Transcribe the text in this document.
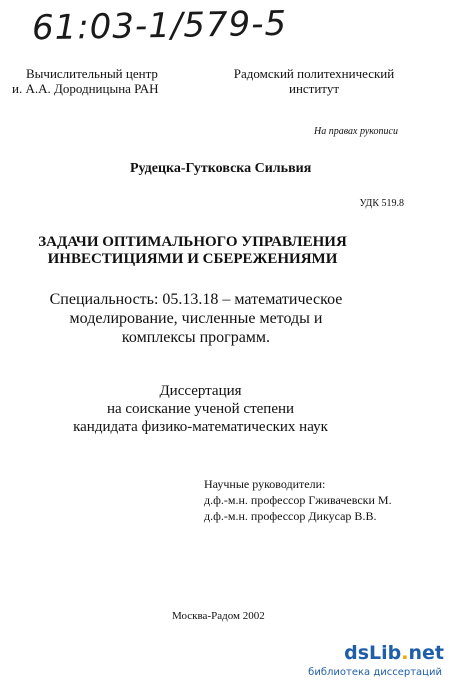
61:03-1/579-5
Вычислительный центр
и. А.А. Дородницына РАН
Радомский политехнический
институт
На правах рукописи
Рудецка-Гутковска Сильвия
УДК 519.8
ЗАДАЧИ ОПТИМАЛЬНОГО УПРАВЛЕНИЯ
ИНВЕСТИЦИЯМИ И СБЕРЕЖЕНИЯМИ
Специальность: 05.13.18 – математическое
моделирование, численные методы и
комплексы программ.
Диссертация
на соискание ученой степени
кандидата физико-математических наук
Научные руководители:
д.ф.-м.н. профессор Гживачевски М.
д.ф.-м.н. профессор Дикусар В.В.
Москва-Радом 2002
dsLib.net
библиотека диссертаций
